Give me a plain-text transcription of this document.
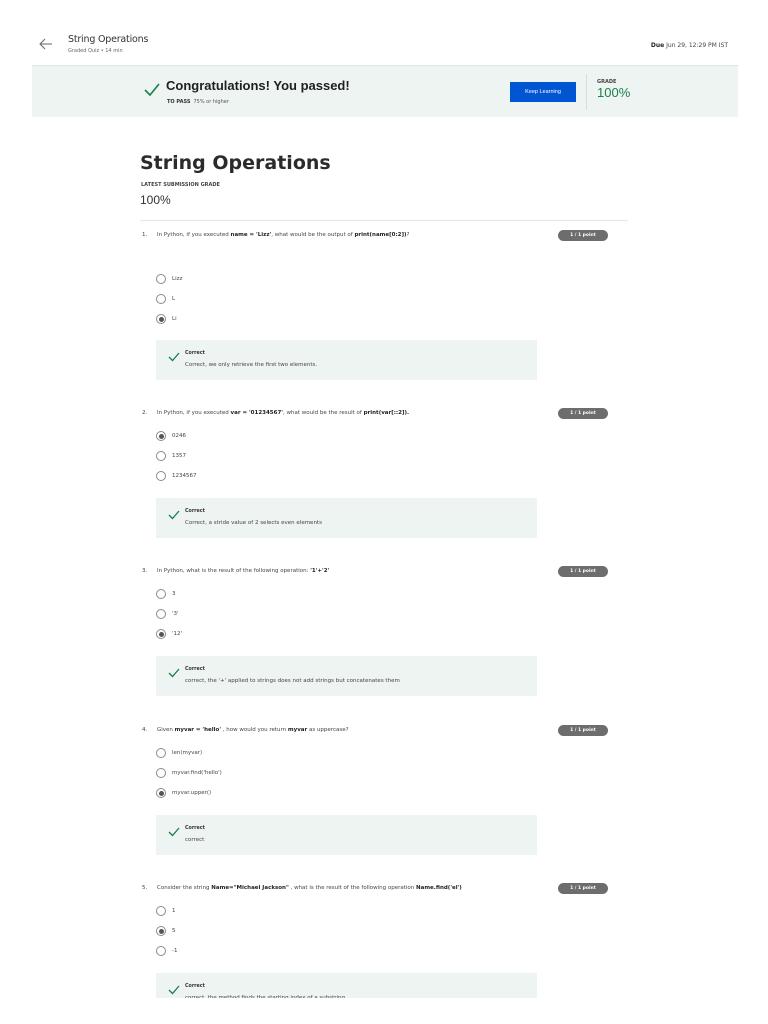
String Operations
Graded Quiz • 14 min
Due Jun 29, 12:29 PM IST
Congratulations! You passed!
TO PASS 75% or higher
Keep Learning
GRADE
100%
String Operations
LATEST SUBMISSION GRADE
100%
1. In Python, if you executed name = 'Lizz', what would be the output of print(name[0:2])?	1 / 1 point
Lizz
L
Li
Correct
Correct, we only retrieve the first two elements.
2. In Python, if you executed var = '01234567', what would be the result of print(var[::2]).	1 / 1 point
0246
1357
1234567
Correct
Correct, a stride value of 2 selects even elements
3. In Python, what is the result of the following operation: '1'+'2'	1 / 1 point
3
'3'
'12'
Correct
correct, the '+' applied to strings does not add strings but concatenates them
4. Given myvar = 'hello' , how would you return myvar as uppercase?	1 / 1 point
len(myvar)
myvar.find('hello')
myvar.upper()
Correct
correct
5. Consider the string Name="Michael Jackson" , what is the result of the following operation Name.find('el')	1 / 1 point
1
5
-1
Correct
